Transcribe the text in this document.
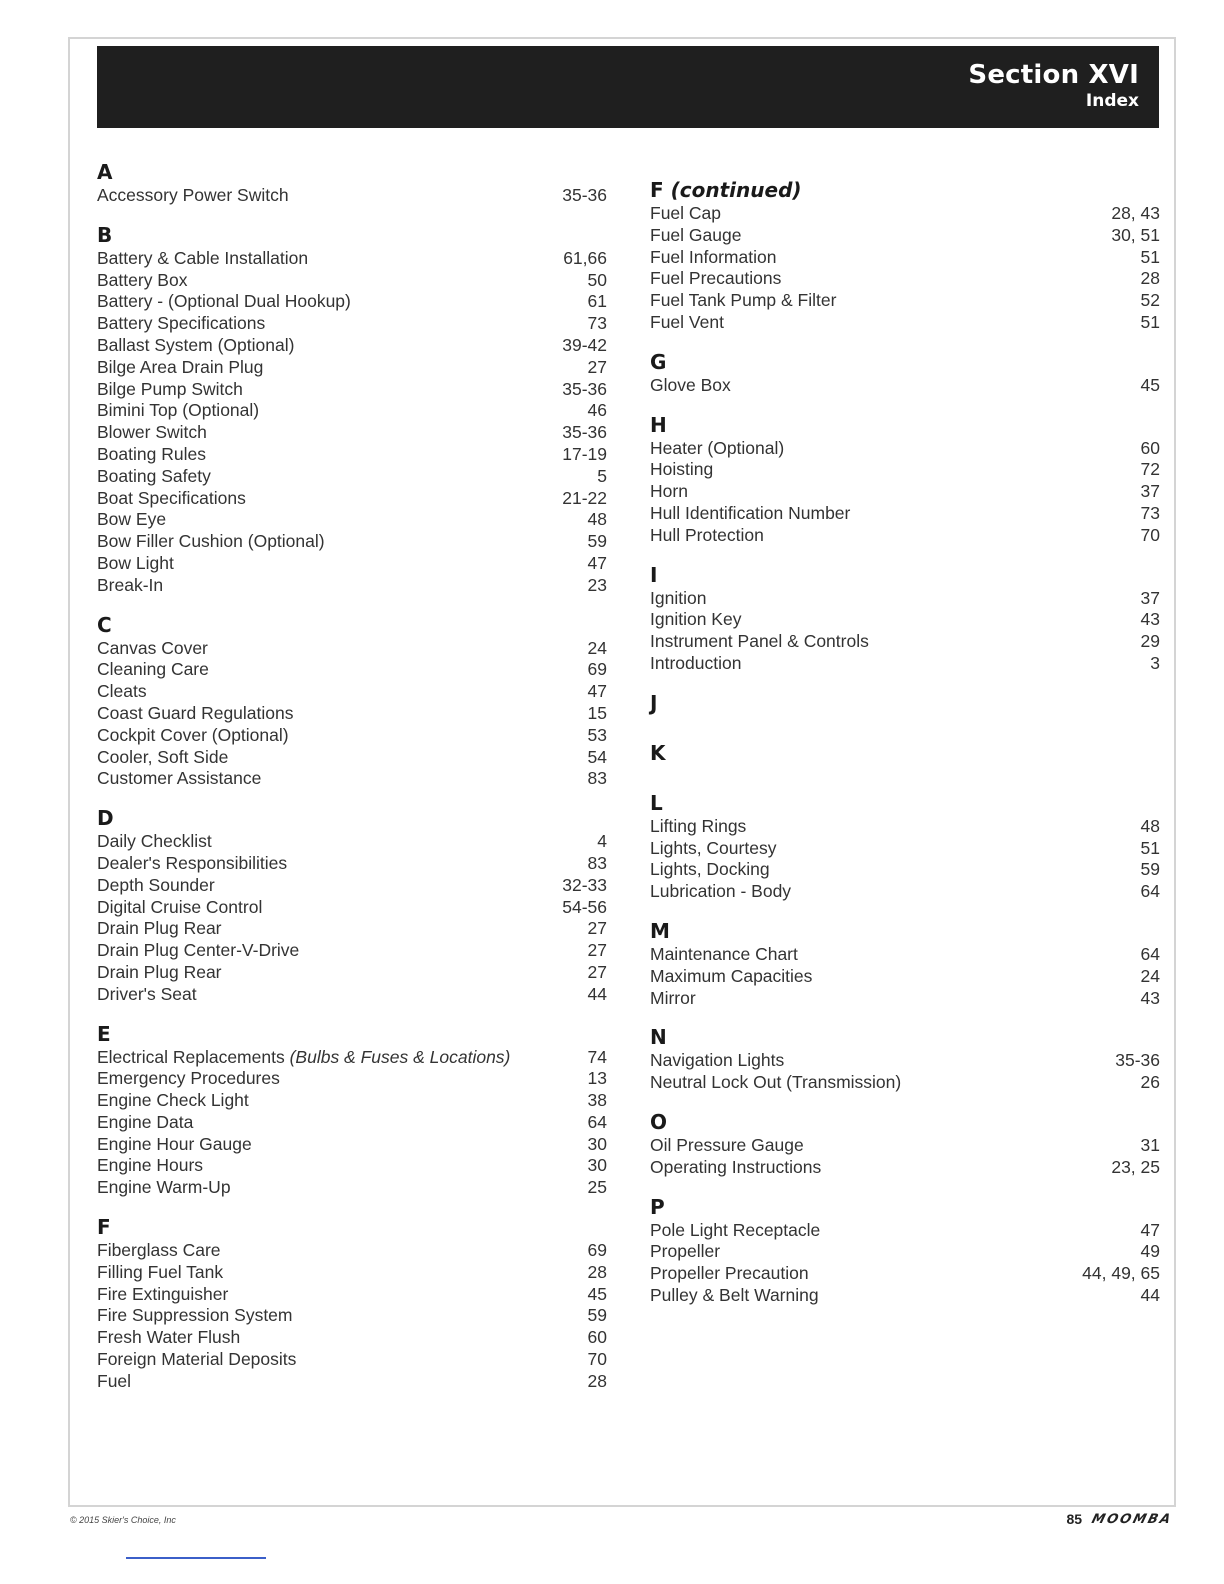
Section XVI
Index
A
Accessory Power Switch	35-36
B
Battery & Cable Installation	61,66
Battery Box	50
Battery - (Optional Dual Hookup)	61
Battery Specifications	73
Ballast System (Optional)	39-42
Bilge Area Drain Plug	27
Bilge Pump Switch	35-36
Bimini Top (Optional)	46
Blower Switch	35-36
Boating Rules	17-19
Boating Safety	5
Boat Specifications	21-22
Bow Eye	48
Bow Filler Cushion (Optional)	59
Bow Light	47
Break-In	23
C
Canvas Cover	24
Cleaning Care	69
Cleats	47
Coast Guard Regulations	15
Cockpit Cover (Optional)	53
Cooler, Soft Side	54
Customer Assistance	83
D
Daily Checklist	4
Dealer's Responsibilities	83
Depth Sounder	32-33
Digital Cruise Control	54-56
Drain Plug Rear	27
Drain Plug Center-V-Drive	27
Drain Plug Rear	27
Driver's Seat	44
E
Electrical Replacements (Bulbs & Fuses & Locations)	74
Emergency Procedures	13
Engine Check Light	38
Engine Data	64
Engine Hour Gauge	30
Engine Hours	30
Engine Warm-Up	25
F
Fiberglass Care	69
Filling Fuel Tank	28
Fire Extinguisher	45
Fire Suppression System	59
Fresh Water Flush	60
Foreign Material Deposits	70
Fuel	28
F (continued)
Fuel Cap	28, 43
Fuel Gauge	30, 51
Fuel Information	51
Fuel Precautions	28
Fuel Tank Pump & Filter	52
Fuel Vent	51
G
Glove Box	45
H
Heater (Optional)	60
Hoisting	72
Horn	37
Hull Identification Number	73
Hull Protection	70
I
Ignition	37
Ignition Key	43
Instrument Panel & Controls	29
Introduction	3
J
K
L
Lifting Rings	48
Lights, Courtesy	51
Lights, Docking	59
Lubrication - Body	64
M
Maintenance Chart	64
Maximum Capacities	24
Mirror	43
N
Navigation Lights	35-36
Neutral Lock Out (Transmission)	26
O
Oil Pressure Gauge	31
Operating Instructions	23, 25
P
Pole Light Receptacle	47
Propeller	49
Propeller Precaution	44, 49, 65
Pulley & Belt Warning	44
© 2015 Skier's Choice, Inc	85 MOOMBA
